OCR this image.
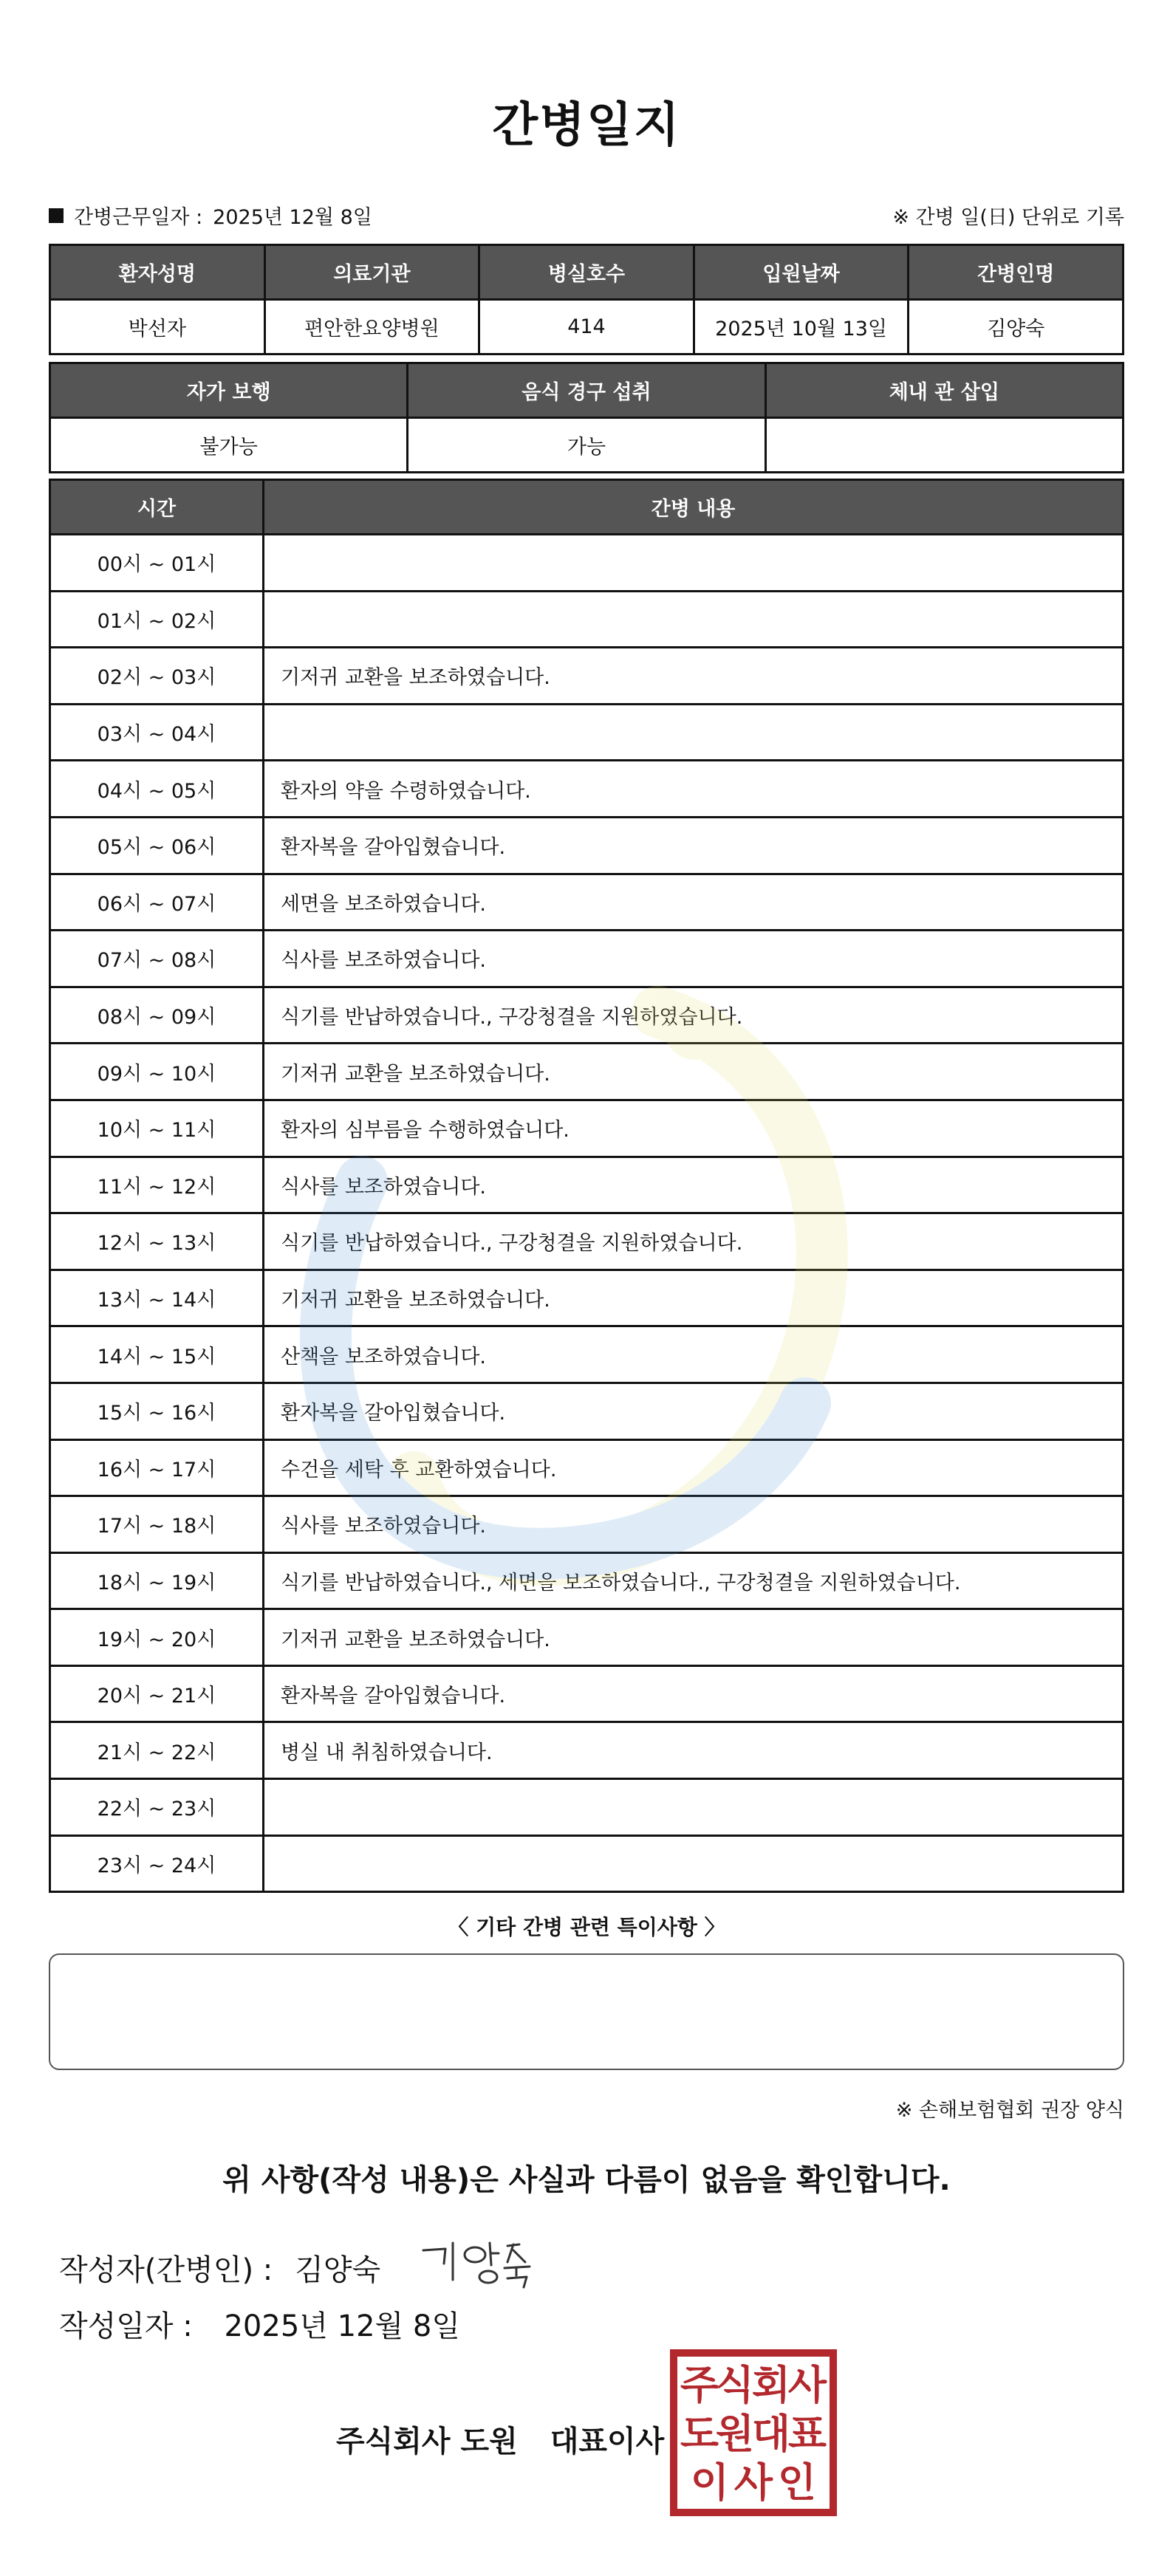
간병일지
간병근무일자 : 2025년 12월 8일	※ 간병 일(日) 단위로 기록
환자성명	의료기관	병실호수	입원날짜	간병인명
박선자	편안한요양병원	414	2025년 10월 13일	김양숙
자가 보행	음식 경구 섭취	체내 관 삽입
불가능	가능	
시간	간병 내용
00시 ~ 01시	
01시 ~ 02시	
02시 ~ 03시	기저귀 교환을 보조하였습니다.
03시 ~ 04시	
04시 ~ 05시	환자의 약을 수령하였습니다.
05시 ~ 06시	환자복을 갈아입혔습니다.
06시 ~ 07시	세면을 보조하였습니다.
07시 ~ 08시	식사를 보조하였습니다.
08시 ~ 09시	식기를 반납하였습니다., 구강청결을 지원하였습니다.
09시 ~ 10시	기저귀 교환을 보조하였습니다.
10시 ~ 11시	환자의 심부름을 수행하였습니다.
11시 ~ 12시	식사를 보조하였습니다.
12시 ~ 13시	식기를 반납하였습니다., 구강청결을 지원하였습니다.
13시 ~ 14시	기저귀 교환을 보조하였습니다.
14시 ~ 15시	산책을 보조하였습니다.
15시 ~ 16시	환자복을 갈아입혔습니다.
16시 ~ 17시	수건을 세탁 후 교환하였습니다.
17시 ~ 18시	식사를 보조하였습니다.
18시 ~ 19시	식기를 반납하였습니다., 세면을 보조하였습니다., 구강청결을 지원하였습니다.
19시 ~ 20시	기저귀 교환을 보조하였습니다.
20시 ~ 21시	환자복을 갈아입혔습니다.
21시 ~ 22시	병실 내 취침하였습니다.
22시 ~ 23시	
23시 ~ 24시	
〈 기타 간병 관련 특이사항 〉
※ 손해보험협회 권장 양식
위 사항(작성 내용)은 사실과 다름이 없음을 확인합니다.
작성자(간병인) : 김양숙
작성일자 : 2025년 12월 8일
주식회사 도원 대표이사
주
식
회
사
도
원
대
표
이 사 인
